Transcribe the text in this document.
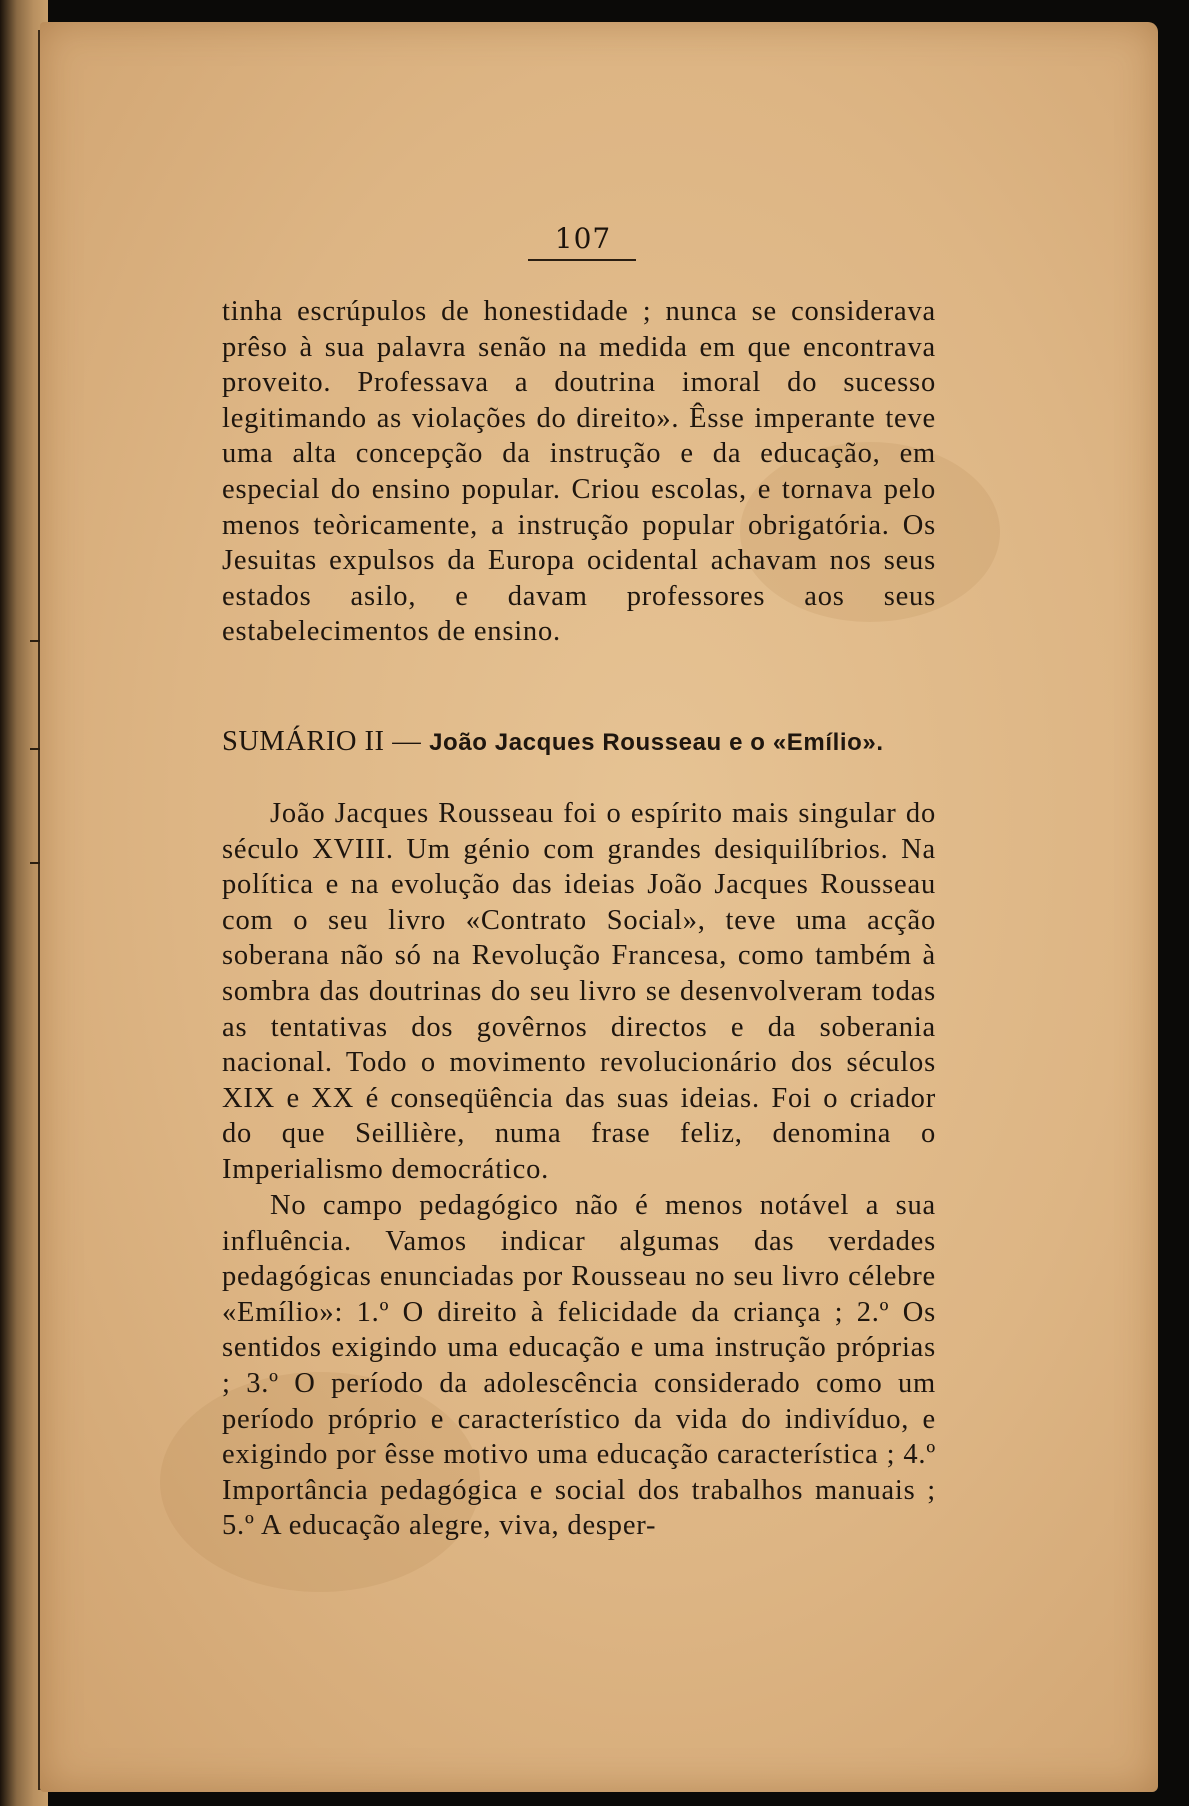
107
tinha escrúpulos de honestidade ; nunca se considerava prêso à sua palavra senão na medida em que encontrava proveito. Professava a doutrina imoral do sucesso legitimando as violações do direito». Êsse imperante teve uma alta concepção da instrução e da educação, em especial do ensino popular. Criou escolas, e tornava pelo menos teòricamente, a instrução popular obrigatória. Os Jesuitas expulsos da Europa ocidental achavam nos seus estados asilo, e davam professores aos seus estabelecimentos de ensino.
SUMÁRIO II — João Jacques Rousseau e o «Emílio».
João Jacques Rousseau foi o espírito mais singular do século XVIII. Um génio com grandes desiquilíbrios. Na política e na evolução das ideias João Jacques Rousseau com o seu livro «Contrato Social», teve uma acção soberana não só na Revolução Francesa, como também à sombra das doutrinas do seu livro se desenvolveram todas as tentativas dos govêrnos directos e da soberania nacional. Todo o movimento revolucionário dos séculos XIX e XX é conseqüência das suas ideias. Foi o criador do que Seillière, numa frase feliz, denomina o Imperialismo democrático.
No campo pedagógico não é menos notável a sua influência. Vamos indicar algumas das verdades pedagógicas enunciadas por Rousseau no seu livro célebre «Emílio»: 1.º O direito à felicidade da criança ; 2.º Os sentidos exigindo uma educação e uma instrução próprias ; 3.º O período da adolescência considerado como um período próprio e característico da vida do indivíduo, e exigindo por êsse motivo uma educação característica ; 4.º Importância pedagógica e social dos trabalhos manuais ; 5.º A educação alegre, viva, desper-
